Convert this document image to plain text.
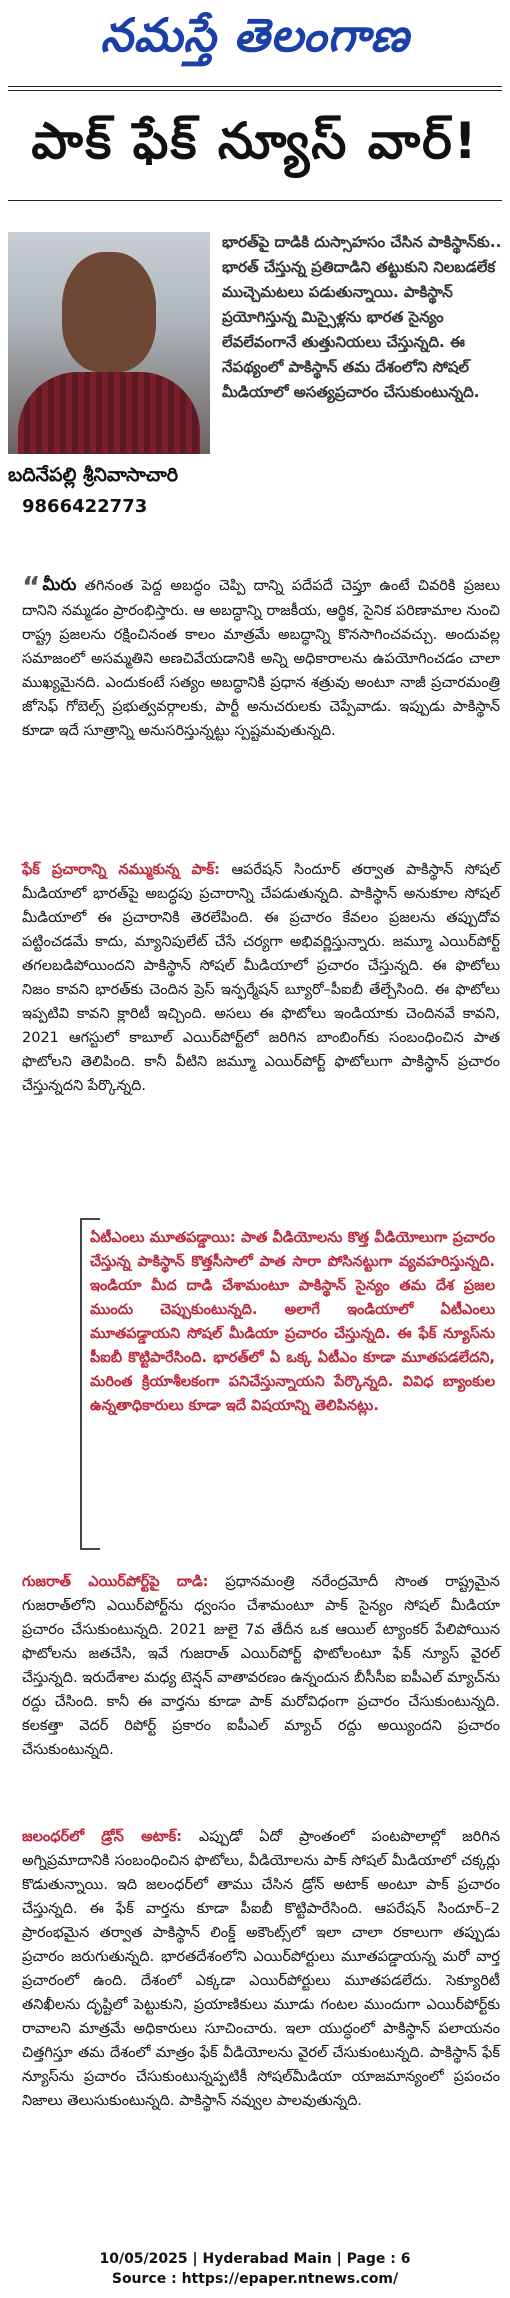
నమస్తే తెలంగాణ
పాక్ ఫేక్ న్యూస్ వార్!
బదినేపల్లి శ్రీనివాసాచారి
9866422773
భారత్‌పై దాడికి దుస్సాహసం చేసిన పాకిస్థాన్‌కు.. భారత్ చేస్తున్న ప్రతిదాడిని తట్టుకుని నిలబడలేక ముచ్చెమటలు పడుతున్నాయి. పాకిస్థాన్ ప్రయోగిస్తున్న మిస్సైళ్లను భారత సైన్యం లేవలేవంగానే తుత్తునియలు చేస్తున్నది. ఈ నేపథ్యంలో పాకిస్థాన్ తమ దేశంలోని సోషల్ మీడియాలో అసత్యప్రచారం చేసుకుంటున్నది.
“ మీరు తగినంత పెద్ద అబద్ధం చెప్పి దాన్ని పదేపదే చెప్తూ ఉంటే చివరికి ప్రజలు దానిని నమ్మడం ప్రారంభిస్తారు. ఆ అబద్ధాన్ని రాజకీయ, ఆర్థిక, సైనిక పరిణామాల నుంచి రాష్ట్ర ప్రజలను రక్షించినంత కాలం మాత్రమే అబద్ధాన్ని కొనసాగించవచ్చు. అందువల్ల సమాజంలో అసమ్మతిని అణచివేయడానికి అన్ని అధికారాలను ఉపయోగించడం చాలా ముఖ్యమైనది. ఎందుకంటే సత్యం అబద్ధానికి ప్రధాన శత్రువు అంటూ నాజీ ప్రచారమంత్రి జోసెఫ్ గోబెల్స్ ప్రభుత్వవర్గాలకు, పార్టీ అనుచరులకు చెప్పేవాడు. ఇప్పుడు పాకిస్థాన్ కూడా ఇదే సూత్రాన్ని అనుసరిస్తున్నట్టు స్పష్టమవుతున్నది.
ఫేక్ ప్రచారాన్ని నమ్ముకున్న పాక్: ఆపరేషన్ సిందూర్ తర్వాత పాకిస్థాన్ సోషల్ మీడియాలో భారత్‌పై అబద్ధపు ప్రచారాన్ని చేపడుతున్నది. పాకిస్థాన్ అనుకూల సోషల్ మీడియాలో ఈ ప్రచారానికి తెరలేపింది. ఈ ప్రచారం కేవలం ప్రజలను తప్పుదోవ పట్టించడమే కాదు, మ్యానిపులేట్ చేసే చర్యగా అభివర్ణిస్తున్నారు. జమ్మూ ఎయిర్‌పోర్ట్ తగలబడిపోయిందని పాకిస్థాన్ సోషల్ మీడియాలో ప్రచారం చేస్తున్నది. ఈ ఫొటోలు నిజం కావని భారత్‌కు చెందిన ప్రెస్ ఇన్ఫర్మేషన్ బ్యూరో–పీఐబీ తేల్చేసింది. ఈ ఫొటోలు ఇప్పటివి కావని క్లారిటీ ఇచ్చింది. అసలు ఈ ఫొటోలు ఇండియాకు చెందినవే కావని, 2021 ఆగస్టులో కాబూల్ ఎయిర్‌పోర్ట్‌లో జరిగిన బాంబింగ్‌కు సంబంధించిన పాత ఫొటోలని తెలిపింది. కానీ వీటిని జమ్మూ ఎయిర్‌పోర్ట్ ఫొటోలుగా పాకిస్థాన్ ప్రచారం చేస్తున్నదని పేర్కొన్నది.
ఏటీఎంలు మూతపడ్డాయి: పాత వీడియోలను కొత్త వీడియోలుగా ప్రచారం చేస్తున్న పాకిస్థాన్ కొత్తసీసాలో పాత సారా పోసినట్టుగా వ్యవహరిస్తున్నది. ఇండియా మీద దాడి చేశామంటూ పాకిస్థాన్ సైన్యం తమ దేశ ప్రజల ముందు చెప్పుకుంటున్నది. అలాగే ఇండియాలో ఏటీఎంలు మూతపడ్డాయని సోషల్ మీడియా ప్రచారం చేస్తున్నది. ఈ ఫేక్ న్యూస్‌ను పీఐబీ కొట్టిపారేసింది. భారత్‌లో ఏ ఒక్క ఏటీఎం కూడా మూతపడలేదని, మరింత క్రియాశీలకంగా పనిచేస్తున్నాయని పేర్కొన్నది. వివిధ బ్యాంకుల ఉన్నతాధికారులు కూడా ఇదే విషయాన్ని తెలిపినట్లు.
గుజరాత్ ఎయిర్‌పోర్ట్‌పై దాడి: ప్రధానమంత్రి నరేంద్రమోదీ సొంత రాష్ట్రమైన గుజరాత్‌లోని ఎయిర్‌పోర్ట్‌ను ధ్వంసం చేశామంటూ పాక్ సైన్యం సోషల్ మీడియా ప్రచారం చేసుకుంటున్నది. 2021 జులై 7వ తేదీన ఒక ఆయిల్ ట్యాంకర్ పేలిపోయిన ఫొటోలను జతచేసి, ఇవే గుజరాత్ ఎయిర్‌పోర్ట్ ఫొటోలంటూ ఫేక్ న్యూస్ వైరల్ చేస్తున్నది. ఇరుదేశాల మధ్య టెన్షన్ వాతావరణం ఉన్నందున బీసీసీఐ ఐపీఎల్ మ్యాచ్‌ను రద్దు చేసింది. కానీ ఈ వార్తను కూడా పాక్ మరోవిధంగా ప్రచారం చేసుకుంటున్నది. కలకత్తా వెదర్ రిపోర్ట్ ప్రకారం ఐపీఎల్ మ్యాచ్ రద్దు అయ్యిందని ప్రచారం చేసుకుంటున్నది.
జలంధర్‌లో డ్రోన్ అటాక్: ఎప్పుడో ఏదో ప్రాంతంలో పంటపొలాల్లో జరిగిన అగ్నిప్రమాదానికి సంబంధించిన ఫొటోలు, వీడియోలను పాక్ సోషల్ మీడియాలో చక్కర్లు కొడుతున్నాయి. ఇది జలంధర్‌లో తాము చేసిన డ్రోన్ అటాక్ అంటూ పాక్ ప్రచారం చేస్తున్నది. ఈ ఫేక్ వార్తను కూడా పీఐబీ కొట్టిపారేసింది. ఆపరేషన్ సిందూర్–2 ప్రారంభమైన తర్వాత పాకిస్థాన్ లింక్డ్ అకౌంట్స్‌లో ఇలా చాలా రకాలుగా తప్పుడు ప్రచారం జరుగుతున్నది. భారతదేశంలోని ఎయిర్‌పోర్టులు మూతపడ్డాయన్న మరో వార్త ప్రచారంలో ఉంది. దేశంలో ఎక్కడా ఎయిర్‌పోర్టులు మూతపడలేదు. సెక్యూరిటీ తనిఖీలను దృష్టిలో పెట్టుకుని, ప్రయాణికులు మూడు గంటల ముందుగా ఎయిర్‌పోర్ట్‌కు రావాలని మాత్రమే అధికారులు సూచించారు. ఇలా యుద్ధంలో పాకిస్థాన్ పలాయనం చిత్తగిస్తూ తమ దేశంలో మాత్రం ఫేక్ వీడియోలను వైరల్ చేసుకుంటున్నది. పాకిస్థాన్ ఫేక్ న్యూస్‌ను ప్రచారం చేసుకుంటున్నప్పటికీ సోషల్‌మీడియా యాజమాన్యంలో ప్రపంచం నిజాలు తెలుసుకుంటున్నది. పాకిస్థాన్ నవ్వుల పాలవుతున్నది.
10/05/2025 | Hyderabad Main | Page : 6
Source : https://epaper.ntnews.com/
